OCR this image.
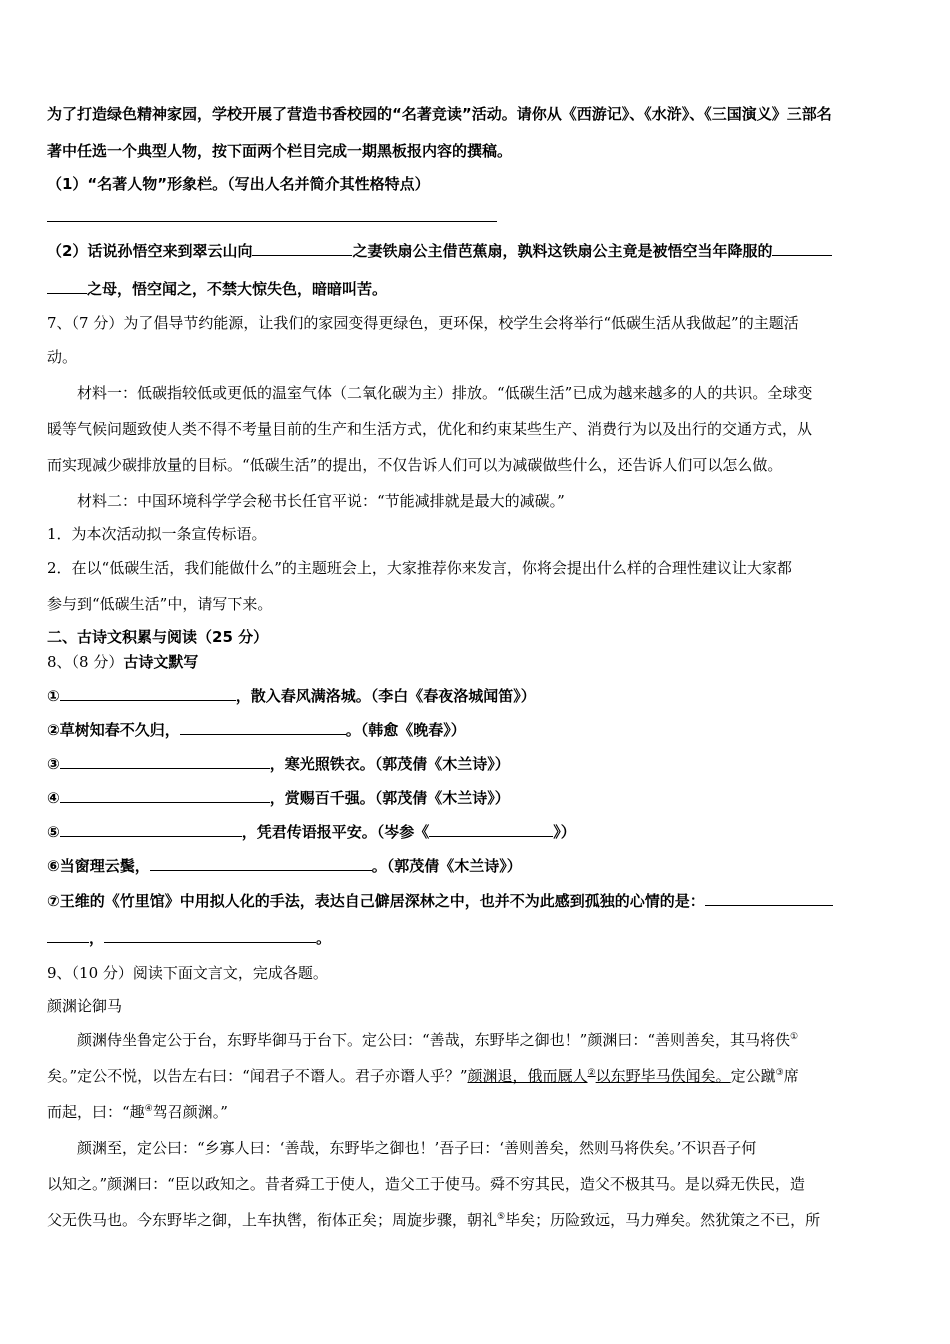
为了打造绿色精神家园，学校开展了营造书香校园的“名著竞读”活动。请你从《西游记》、《水浒》、《三国演义》三部名
著中任选一个典型人物，按下面两个栏目完成一期黑板报内容的撰稿。
（1）“名著人物”形象栏。（写出人名并简介其性格特点）
（2）话说孙悟空来到翠云山向	之妻铁扇公主借芭蕉扇，孰料这铁扇公主竟是被悟空当年降服的
之母，悟空闻之，不禁大惊失色，暗暗叫苦。
7、（7 分）为了倡导节约能源，让我们的家园变得更绿色，更环保，校学生会将举行“低碳生活从我做起”的主题活
动。
材料一：低碳指较低或更低的温室气体（二氧化碳为主）排放。“低碳生活”已成为越来越多的人的共识。全球变
暖等气候问题致使人类不得不考量目前的生产和生活方式，优化和约束某些生产、消费行为以及出行的交通方式，从
而实现减少碳排放量的目标。“低碳生活”的提出，不仅告诉人们可以为减碳做些什么，还告诉人们可以怎么做。
材料二：中国环境科学学会秘书长任官平说：“节能减排就是最大的减碳。”
1．为本次活动拟一条宣传标语。
2．在以“低碳生活，我们能做什么”的主题班会上，大家推荐你来发言，你将会提出什么样的合理性建议让大家都
参与到“低碳生活”中，请写下来。
二、古诗文积累与阅读（25 分）
8、（8 分）古诗文默写
①	，散入春风满洛城。（李白《春夜洛城闻笛》）
②草树知春不久归，	。（韩愈《晚春》）
③	，寒光照铁衣。（郭茂倩《木兰诗》）
④	，赏赐百千强。（郭茂倩《木兰诗》）
⑤	，凭君传语报平安。（岑参《	》）
⑥当窗理云鬓，	。（郭茂倩《木兰诗》）
⑦王维的《竹里馆》中用拟人化的手法，表达自己僻居深林之中，也并不为此感到孤独的心情的是：
，	。
9、（10 分）阅读下面文言文，完成各题。
颜渊论御马
颜渊侍坐鲁定公于台，东野毕御马于台下。定公曰：“善哉，东野毕之御也！”颜渊曰：“善则善矣，其马将佚①
矣。”定公不悦，以告左右曰：“闻君子不谮人。君子亦谮人乎？”颜渊退，俄而厩人②以东野毕马佚闻矣。定公蹴③席
而起，曰：“趣④驾召颜渊。”
颜渊至，定公曰：“乡寡人曰：‘善哉，东野毕之御也！’吾子曰：‘善则善矣，然则马将佚矣。’不识吾子何
以知之。”颜渊曰：“臣以政知之。昔者舜工于使人，造父工于使马。舜不穷其民，造父不极其马。是以舜无佚民，造
父无佚马也。今东野毕之御，上车执辔，衔体正矣；周旋步骤，朝礼⑤毕矣；历险致远，马力殚矣。然犹策之不已，所
